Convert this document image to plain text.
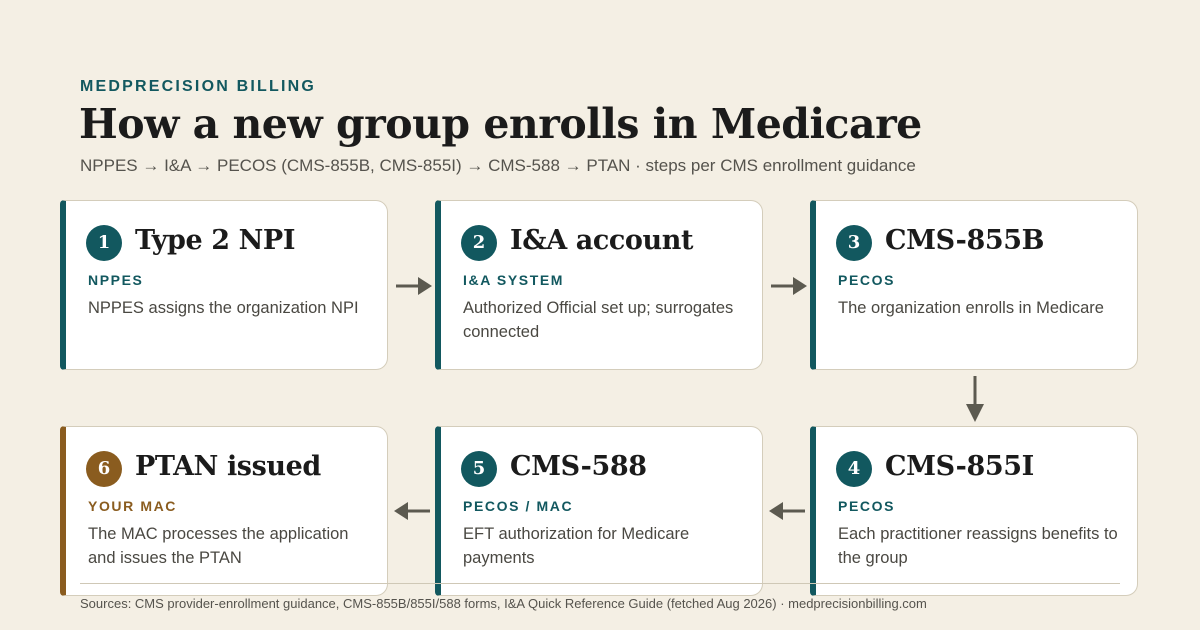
MEDPRECISION BILLING
How a new group enrolls in Medicare
NPPES → I&A → PECOS (CMS-855B, CMS-855I) → CMS-588 → PTAN · steps per CMS enrollment guidance
1 Type 2 NPI
NPPES
NPPES assigns the organization NPI
2 I&A account
I&A SYSTEM
Authorized Official set up; surrogates connected
3 CMS-855B
PECOS
The organization enrolls in Medicare
6 PTAN issued
YOUR MAC
The MAC processes the application and issues the PTAN
5 CMS-588
PECOS / MAC
EFT authorization for Medicare payments
4 CMS-855I
PECOS
Each practitioner reassigns benefits to the group
Sources: CMS provider-enrollment guidance, CMS-855B/855I/588 forms, I&A Quick Reference Guide (fetched Aug 2026) · medprecisionbilling.com
